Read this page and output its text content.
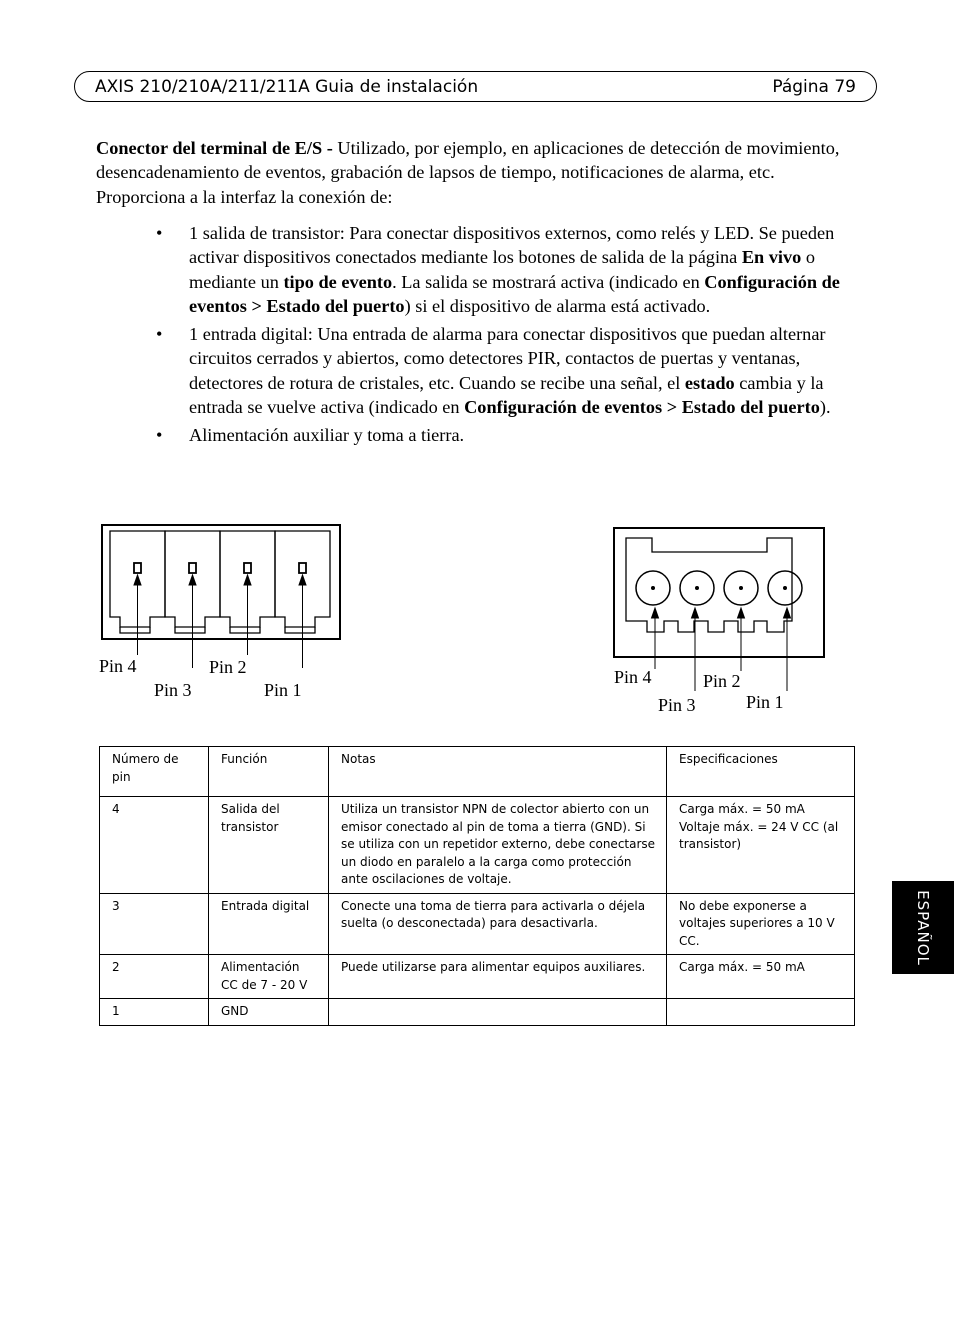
AXIS 210/210A/211/211A Guia de instalación	Página 79
Conector del terminal de E/S - Utilizado, por ejemplo, en aplicaciones de detección de movimiento, desencadenamiento de eventos, grabación de lapsos de tiempo, notificaciones de alarma, etc. Proporciona a la interfaz la conexión de:
• 1 salida de transistor: Para conectar dispositivos externos, como relés y LED. Se pueden activar dispositivos conectados mediante los botones de salida de la página En vivo o mediante un tipo de evento. La salida se mostrará activa (indicado en Configuración de eventos > Estado del puerto) si el dispositivo de alarma está activado.
• 1 entrada digital: Una entrada de alarma para conectar dispositivos que puedan alternar circuitos cerrados y abiertos, como detectores PIR, contactos de puertas y ventanas, detectores de rotura de cristales, etc. Cuando se recibe una señal, el estado cambia y la entrada se vuelve activa (indicado en Configuración de eventos > Estado del puerto).
• Alimentación auxiliar y toma a tierra.
Pin 4
Pin 3
Pin 2
Pin 1
Pin 4
Pin 3
Pin 2
Pin 1
Número de pin	Función	Notas	Especificaciones
4	Salida del transistor	Utiliza un transistor NPN de colector abierto con un emisor conectado al pin de toma a tierra (GND). Si se utiliza con un repetidor externo, debe conectarse un diodo en paralelo a la carga como protección ante oscilaciones de voltaje.	Carga máx. = 50 mA Voltaje máx. = 24 V CC (al transistor)
3	Entrada digital	Conecte una toma de tierra para activarla o déjela suelta (o desconectada) para desactivarla.	No debe exponerse a voltajes superiores a 10 V CC.
2	Alimentación CC de 7 - 20 V	Puede utilizarse para alimentar equipos auxiliares.	Carga máx. = 50 mA
1	GND		
ESPAÑOL
